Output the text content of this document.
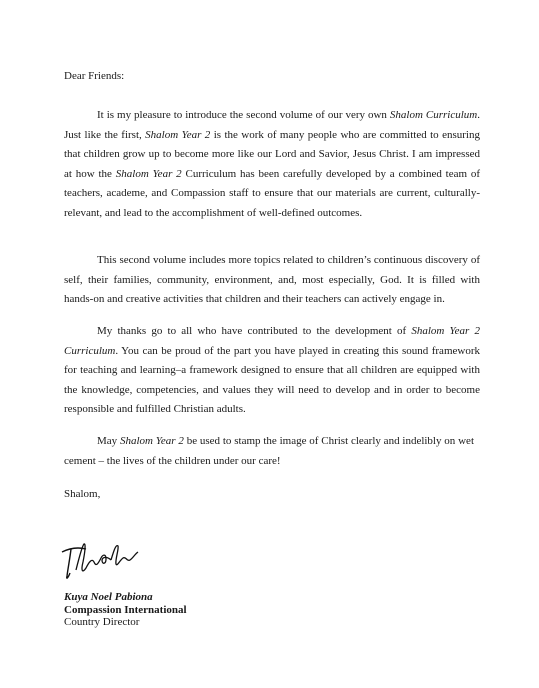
Dear Friends:

It is my pleasure to introduce the second volume of our very own Shalom Curriculum. Just like the first, Shalom Year 2 is the work of many people who are committed to ensuring that children grow up to become more like our Lord and Savior, Jesus Christ. I am impressed at how the Shalom Year 2 Curriculum has been carefully developed by a combined team of teachers, academe, and Compassion staff to ensure that our materials are current, culturally-relevant, and lead to the accomplishment of well-defined outcomes.

This second volume includes more topics related to children’s continuous discovery of self, their families, community, environment, and, most especially, God. It is filled with hands-on and creative activities that children and their teachers can actively engage in.

My thanks go to all who have contributed to the development of Shalom Year 2 Curriculum. You can be proud of the part you have played in creating this sound framework for teaching and learning–a framework designed to ensure that all children are equipped with the knowledge, competencies, and values they will need to develop and in order to become responsible and fulfilled Christian adults.

May Shalom Year 2 be used to stamp the image of Christ clearly and indelibly on wet cement – the lives of the children under our care!

Shalom,
Kuya Noel Pabiona
Compassion International
Country Director
